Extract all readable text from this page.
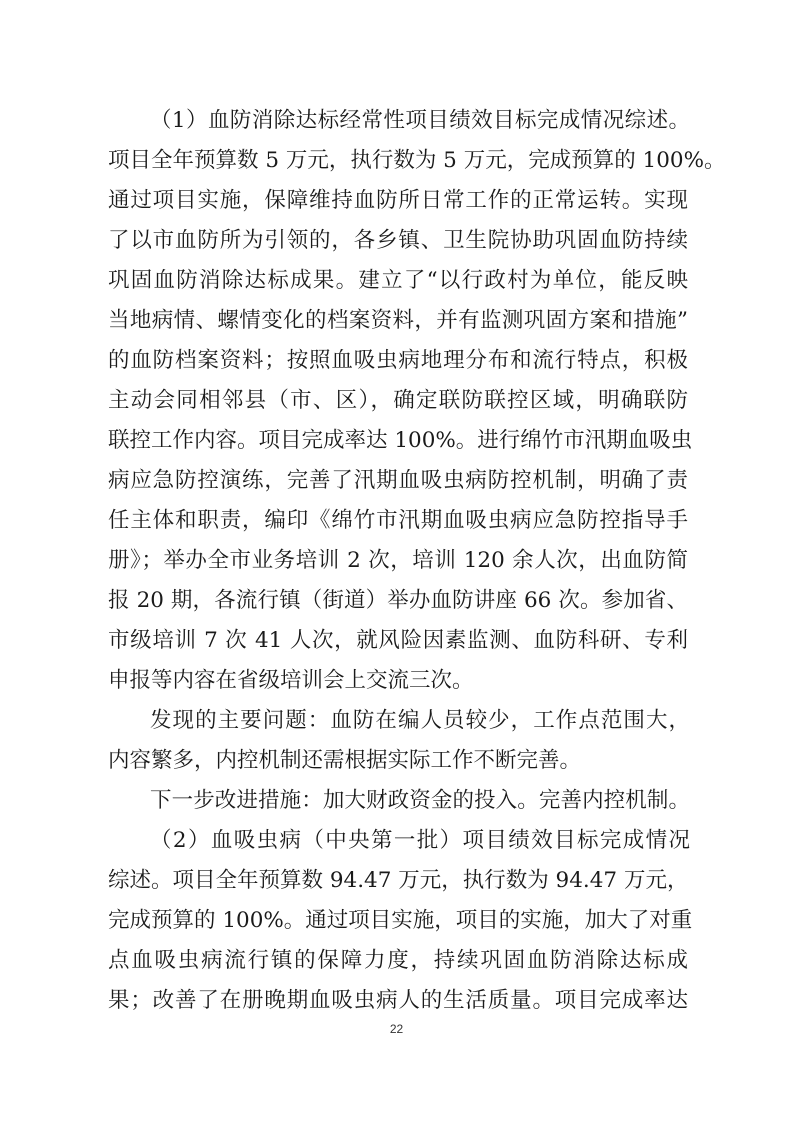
（1）血防消除达标经常性项目绩效目标完成情况综述。
项目全年预算数 5 万元，执行数为 5 万元，完成预算的 100%。
通过项目实施，保障维持血防所日常工作的正常运转。实现
了以市血防所为引领的，各乡镇、卫生院协助巩固血防持续
巩固血防消除达标成果。建立了“以行政村为单位，能反映
当地病情、螺情变化的档案资料，并有监测巩固方案和措施”
的血防档案资料；按照血吸虫病地理分布和流行特点，积极
主动会同相邻县（市、区），确定联防联控区域，明确联防
联控工作内容。项目完成率达 100%。进行绵竹市汛期血吸虫
病应急防控演练，完善了汛期血吸虫病防控机制，明确了责
任主体和职责，编印《绵竹市汛期血吸虫病应急防控指导手
册》；举办全市业务培训 2 次，培训 120 余人次，出血防简
报 20 期，各流行镇（街道）举办血防讲座 66 次。参加省、
市级培训 7 次 41 人次，就风险因素监测、血防科研、专利
申报等内容在省级培训会上交流三次。
发现的主要问题：血防在编人员较少，工作点范围大，
内容繁多，内控机制还需根据实际工作不断完善。
下一步改进措施：加大财政资金的投入。完善内控机制。
（2）血吸虫病（中央第一批）项目绩效目标完成情况
综述。项目全年预算数 94.47 万元，执行数为 94.47 万元，
完成预算的 100%。通过项目实施，项目的实施，加大了对重
点血吸虫病流行镇的保障力度，持续巩固血防消除达标成
果；改善了在册晚期血吸虫病人的生活质量。项目完成率达
22
